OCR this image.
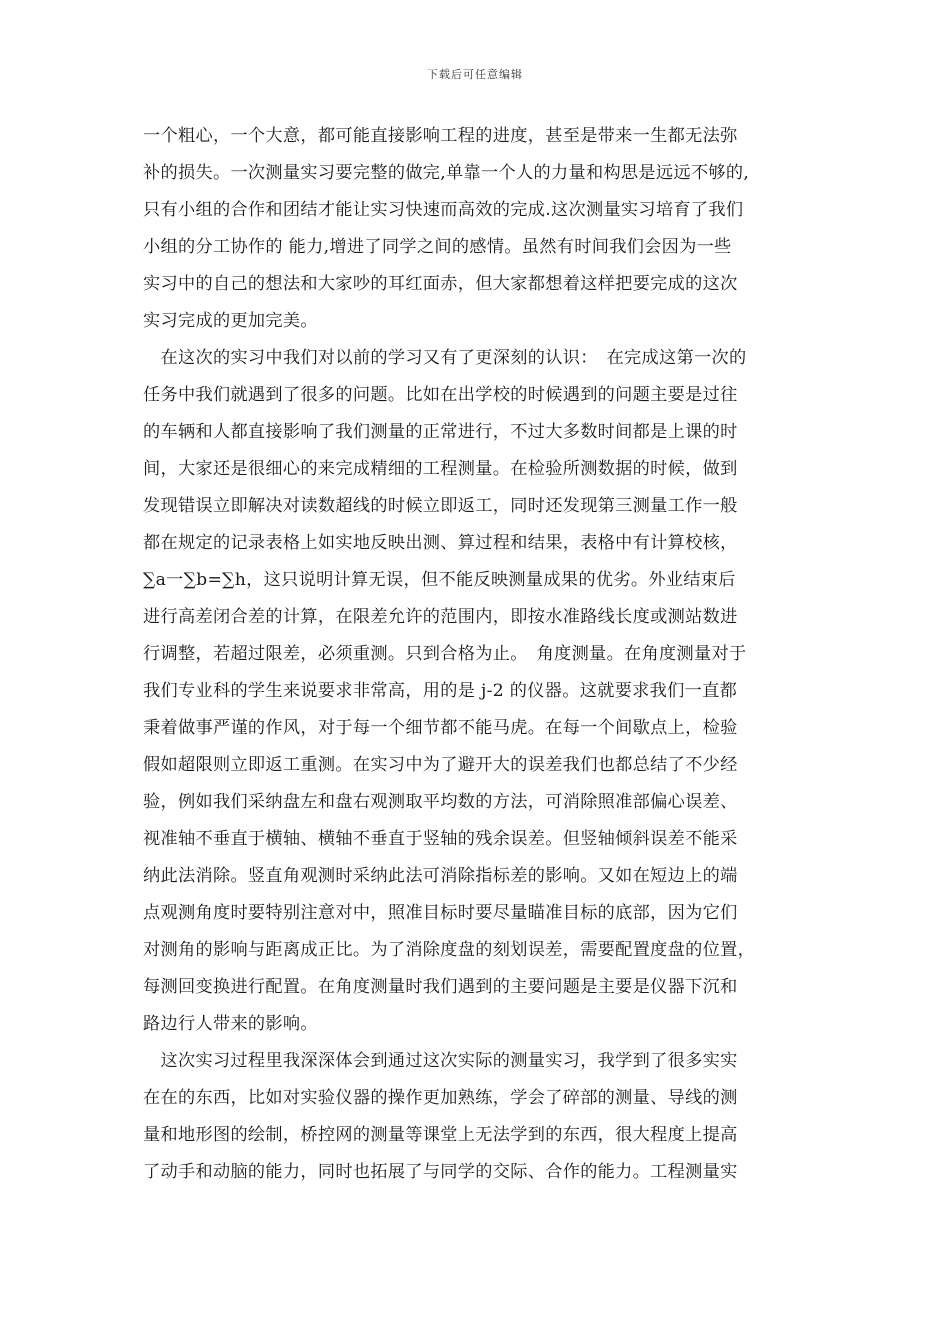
下载后可任意编辑
一个粗心，一个大意，都可能直接影响工程的进度，甚至是带来一生都无法弥
补的损失。一次测量实习要完整的做完,单靠一个人的力量和构思是远远不够的,
只有小组的合作和团结才能让实习快速而高效的完成.这次测量实习培育了我们
小组的分工协作的 能力,增进了同学之间的感情。虽然有时间我们会因为一些
实习中的自己的想法和大家吵的耳红面赤，但大家都想着这样把要完成的这次
实习完成的更加完美。
　在这次的实习中我们对以前的学习又有了更深刻的认识：　在完成这第一次的
任务中我们就遇到了很多的问题。比如在出学校的时候遇到的问题主要是过往
的车辆和人都直接影响了我们测量的正常进行，不过大多数时间都是上课的时
间，大家还是很细心的来完成精细的工程测量。在检验所测数据的时候，做到
发现错误立即解决对读数超线的时候立即返工，同时还发现第三测量工作一般
都在规定的记录表格上如实地反映出测、算过程和结果，表格中有计算校核，
∑a一∑b=∑h，这只说明计算无误，但不能反映测量成果的优劣。外业结束后
进行高差闭合差的计算，在限差允许的范围内，即按水准路线长度或测站数进
行调整，若超过限差，必须重测。只到合格为止。　角度测量。在角度测量对于
我们专业科的学生来说要求非常高，用的是 j-2 的仪器。这就要求我们一直都
秉着做事严谨的作风，对于每一个细节都不能马虎。在每一个间歇点上，检验
假如超限则立即返工重测。在实习中为了避开大的误差我们也都总结了不少经
验，例如我们采纳盘左和盘右观测取平均数的方法，可消除照准部偏心误差、
视准轴不垂直于横轴、横轴不垂直于竖轴的残余误差。但竖轴倾斜误差不能采
纳此法消除。竖直角观测时采纳此法可消除指标差的影响。又如在短边上的端
点观测角度时要特别注意对中，照准目标时要尽量瞄准目标的底部，因为它们
对测角的影响与距离成正比。为了消除度盘的刻划误差，需要配置度盘的位置，
每测回变换进行配置。在角度测量时我们遇到的主要问题是主要是仪器下沉和
路边行人带来的影响。
　这次实习过程里我深深体会到通过这次实际的测量实习，我学到了很多实实
在在的东西，比如对实验仪器的操作更加熟练，学会了碎部的测量、导线的测
量和地形图的绘制，桥控网的测量等课堂上无法学到的东西，很大程度上提高
了动手和动脑的能力，同时也拓展了与同学的交际、合作的能力。工程测量实
